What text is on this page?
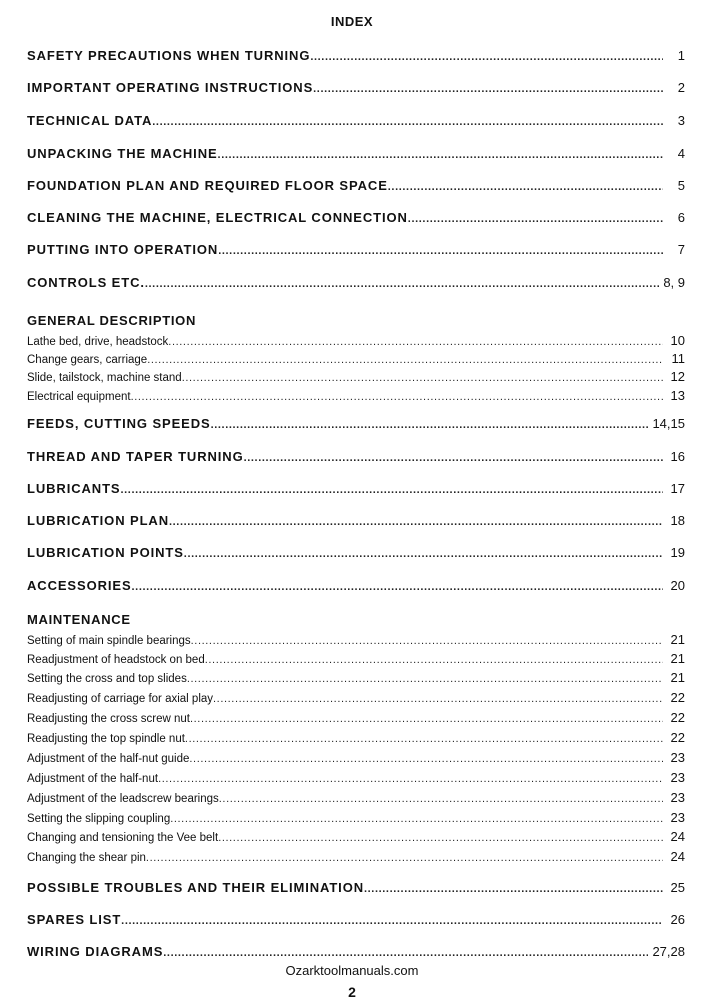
INDEX
SAFETY PRECAUTIONS WHEN TURNING .....	1
IMPORTANT OPERATING INSTRUCTIONS .....	2
TECHNICAL DATA .....	3
UNPACKING THE MACHINE .....	4
FOUNDATION PLAN AND REQUIRED FLOOR SPACE .....	5
CLEANING THE MACHINE, ELECTRICAL CONNECTION .....	6
PUTTING INTO OPERATION .....	7
CONTROLS ETC. .....	8, 9
GENERAL DESCRIPTION
Lathe bed, drive, headstock .....	10
Change gears, carriage .....	11
Slide, tailstock, machine stand .....	12
Electrical equipment .....	13
FEEDS, CUTTING SPEEDS .....	14,15
THREAD AND TAPER TURNING .....	16
LUBRICANTS .....	17
LUBRICATION PLAN .....	18
LUBRICATION POINTS .....	19
ACCESSORIES .....	20
MAINTENANCE
Setting of main spindle bearings .....	21
Readjustment of headstock on bed .....	21
Setting the cross and top slides .....	21
Readjusting of carriage for axial play .....	22
Readjusting the cross screw nut .....	22
Readjusting the top spindle nut .....	22
Adjustment of the half-nut guide .....	23
Adjustment of the half-nut .....	23
Adjustment of the leadscrew bearings .....	23
Setting the slipping coupling .....	23
Changing and tensioning the Vee belt .....	24
Changing the shear pin .....	24
POSSIBLE TROUBLES AND THEIR ELIMINATION .....	25
SPARES LIST .....	26
WIRING DIAGRAMS .....	27,28
Ozarktoolmanuals.com
2
